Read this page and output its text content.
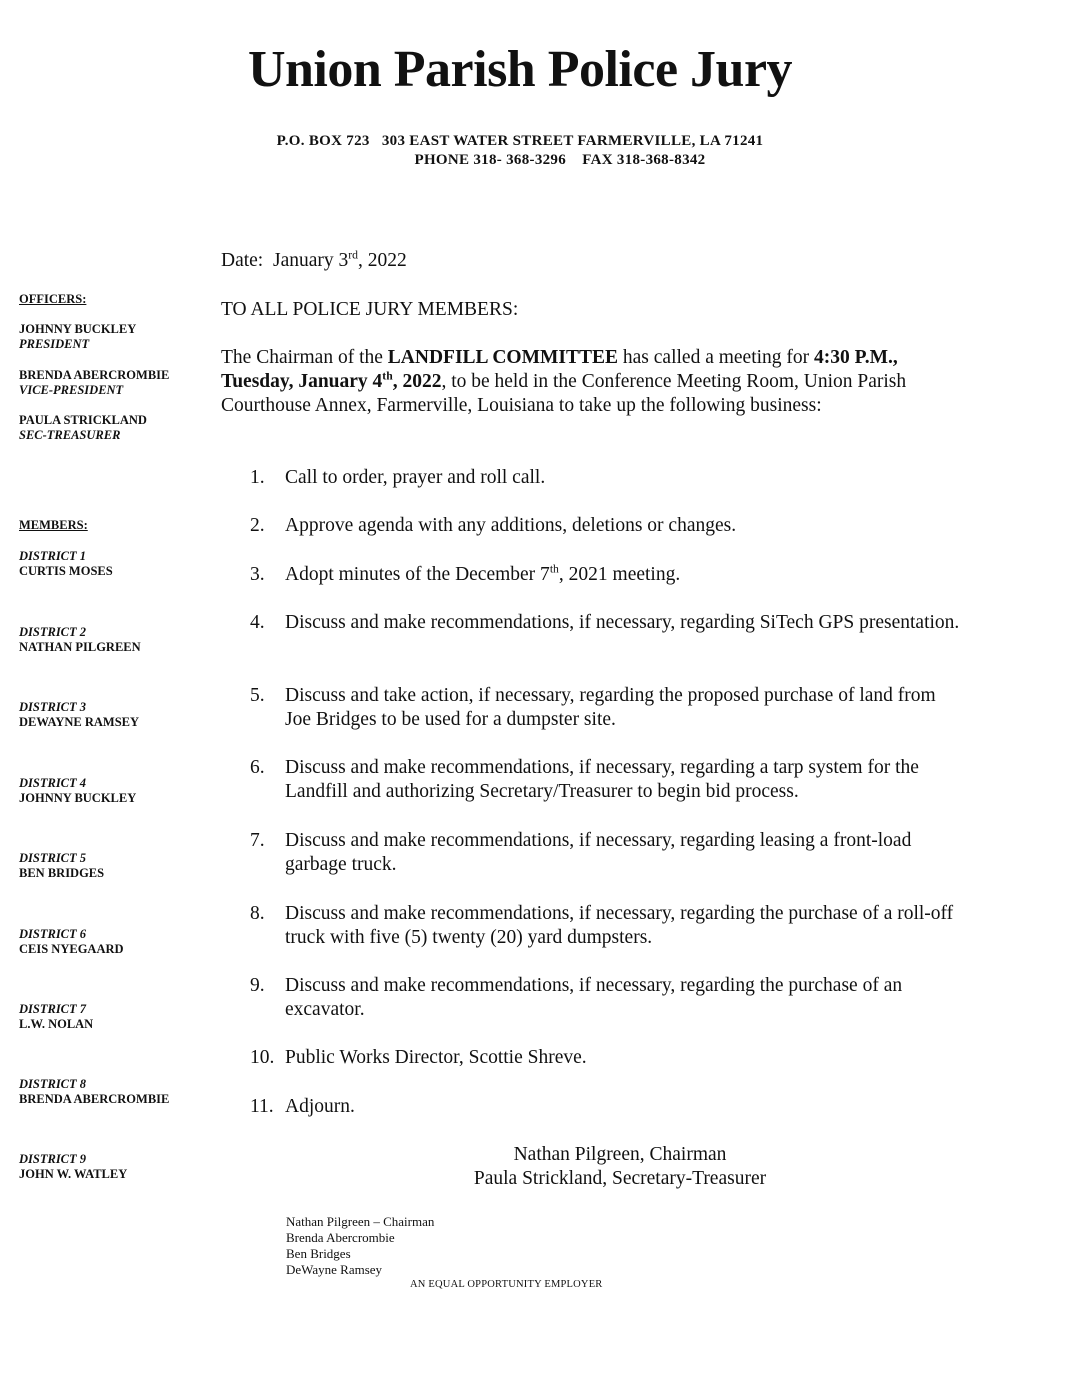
Union Parish Police Jury
P.O. BOX 723   303 EAST WATER STREET FARMERVILLE, LA 71241
PHONE 318- 368-3296    FAX 318-368-8342
OFFICERS:
JOHNNY BUCKLEY
PRESIDENT
BRENDA ABERCROMBIE
VICE-PRESIDENT
PAULA STRICKLAND
SEC-TREASURER
MEMBERS:
DISTRICT 1
CURTIS MOSES
DISTRICT 2
NATHAN PILGREEN
DISTRICT 3
DEWAYNE RAMSEY
DISTRICT 4
JOHNNY BUCKLEY
DISTRICT 5
BEN BRIDGES
DISTRICT 6
CEIS NYEGAARD
DISTRICT 7
L.W. NOLAN
DISTRICT 8
BRENDA ABERCROMBIE
DISTRICT 9
JOHN W. WATLEY
Date: January 3rd, 2022
TO ALL POLICE JURY MEMBERS:
The Chairman of the LANDFILL COMMITTEE has called a meeting for 4:30 P.M., Tuesday, January 4th, 2022, to be held in the Conference Meeting Room, Union Parish Courthouse Annex, Farmerville, Louisiana to take up the following business:
1. Call to order, prayer and roll call.
2. Approve agenda with any additions, deletions or changes.
3. Adopt minutes of the December 7th, 2021 meeting.
4. Discuss and make recommendations, if necessary, regarding SiTech GPS presentation.
5. Discuss and take action, if necessary, regarding the proposed purchase of land from Joe Bridges to be used for a dumpster site.
6. Discuss and make recommendations, if necessary, regarding a tarp system for the Landfill and authorizing Secretary/Treasurer to begin bid process.
7. Discuss and make recommendations, if necessary, regarding leasing a front-load garbage truck.
8. Discuss and make recommendations, if necessary, regarding the purchase of a roll-off truck with five (5) twenty (20) yard dumpsters.
9. Discuss and make recommendations, if necessary, regarding the purchase of an excavator.
10. Public Works Director, Scottie Shreve.
11. Adjourn.
Nathan Pilgreen, Chairman
Paula Strickland, Secretary-Treasurer
Nathan Pilgreen – Chairman
Brenda Abercrombie
Ben Bridges
DeWayne Ramsey
AN EQUAL OPPORTUNITY EMPLOYER
